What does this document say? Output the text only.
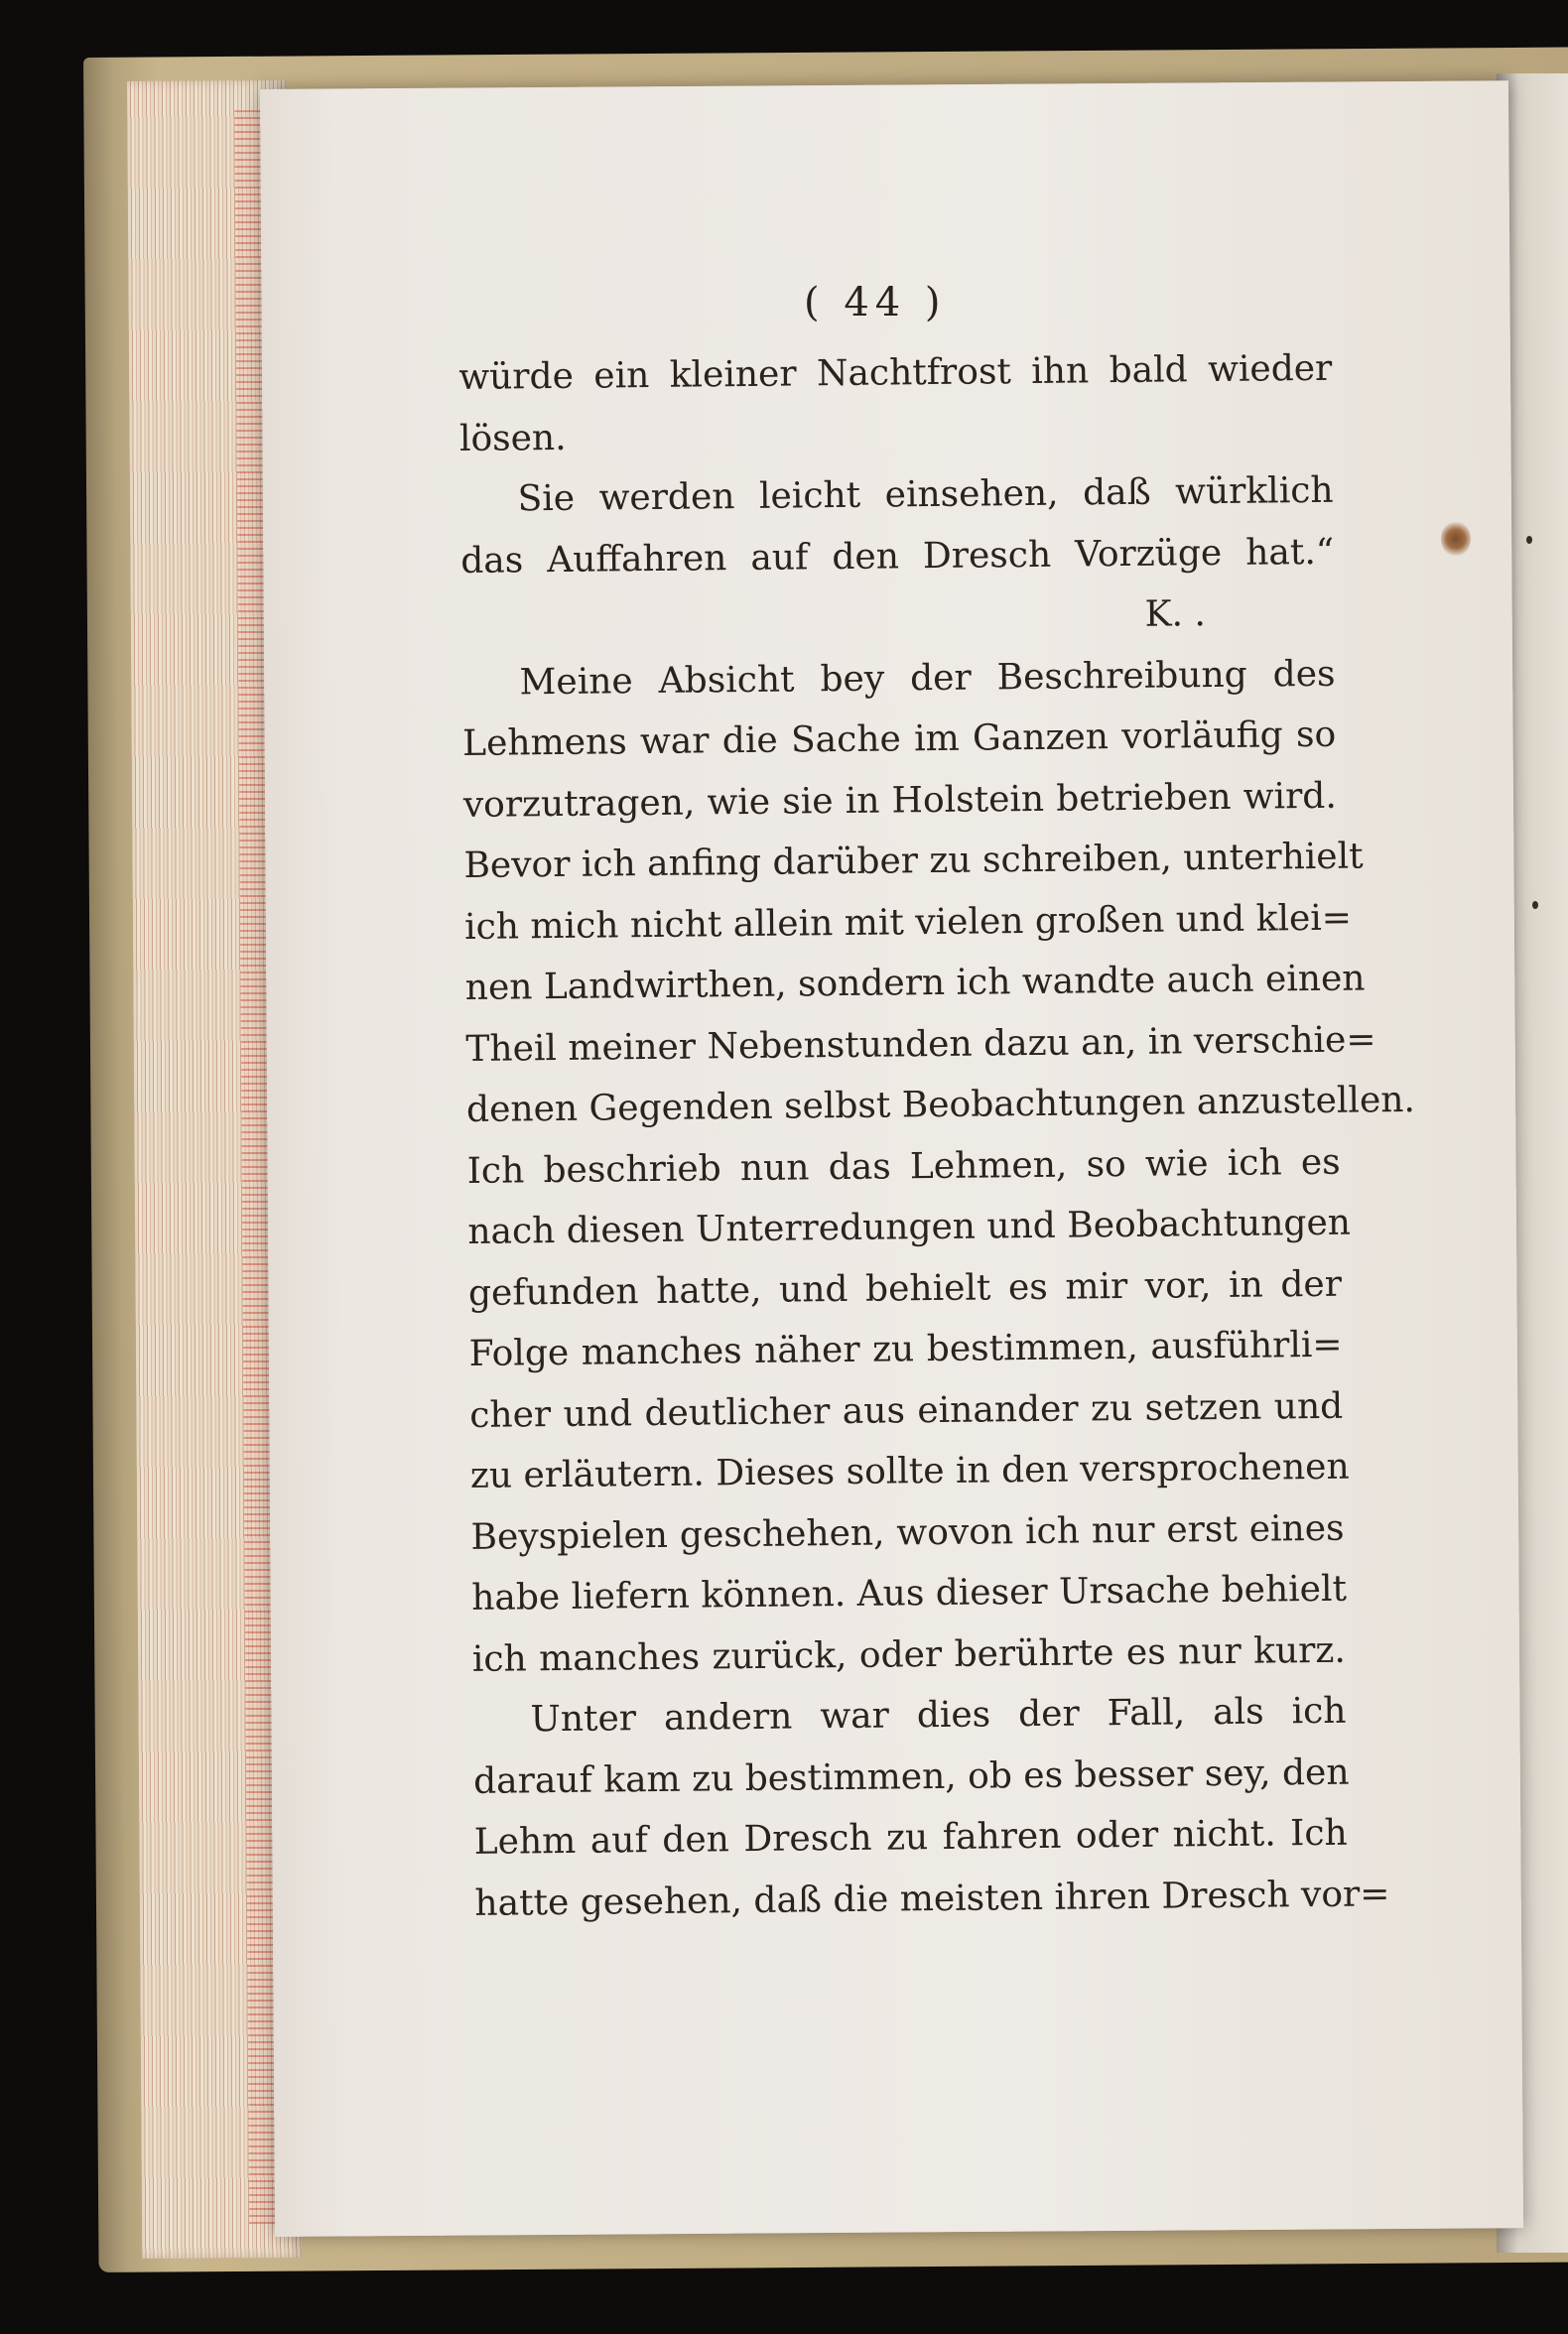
( 44 )
würde ein kleiner Nachtfrost ihn bald wieder
lösen.
Sie werden leicht einsehen, daß würklich
das Auffahren auf den Dresch Vorzüge hat.“
K. .
Meine Absicht bey der Beschreibung des
Lehmens war die Sache im Ganzen vorläufig so
vorzutragen, wie sie in Holstein betrieben wird.
Bevor ich anfing darüber zu schreiben, unterhielt
ich mich nicht allein mit vielen großen und klei=
nen Landwirthen, sondern ich wandte auch einen
Theil meiner Nebenstunden dazu an, in verschie=
denen Gegenden selbst Beobachtungen anzustellen.
Ich beschrieb nun das Lehmen, so wie ich es
nach diesen Unterredungen und Beobachtungen
gefunden hatte, und behielt es mir vor, in der
Folge manches näher zu bestimmen, ausführli=
cher und deutlicher aus einander zu setzen und
zu erläutern. Dieses sollte in den versprochenen
Beyspielen geschehen, wovon ich nur erst eines
habe liefern können. Aus dieser Ursache behielt
ich manches zurück, oder berührte es nur kurz.
Unter andern war dies der Fall, als ich
darauf kam zu bestimmen, ob es besser sey, den
Lehm auf den Dresch zu fahren oder nicht. Ich
hatte gesehen, daß die meisten ihren Dresch vor=
